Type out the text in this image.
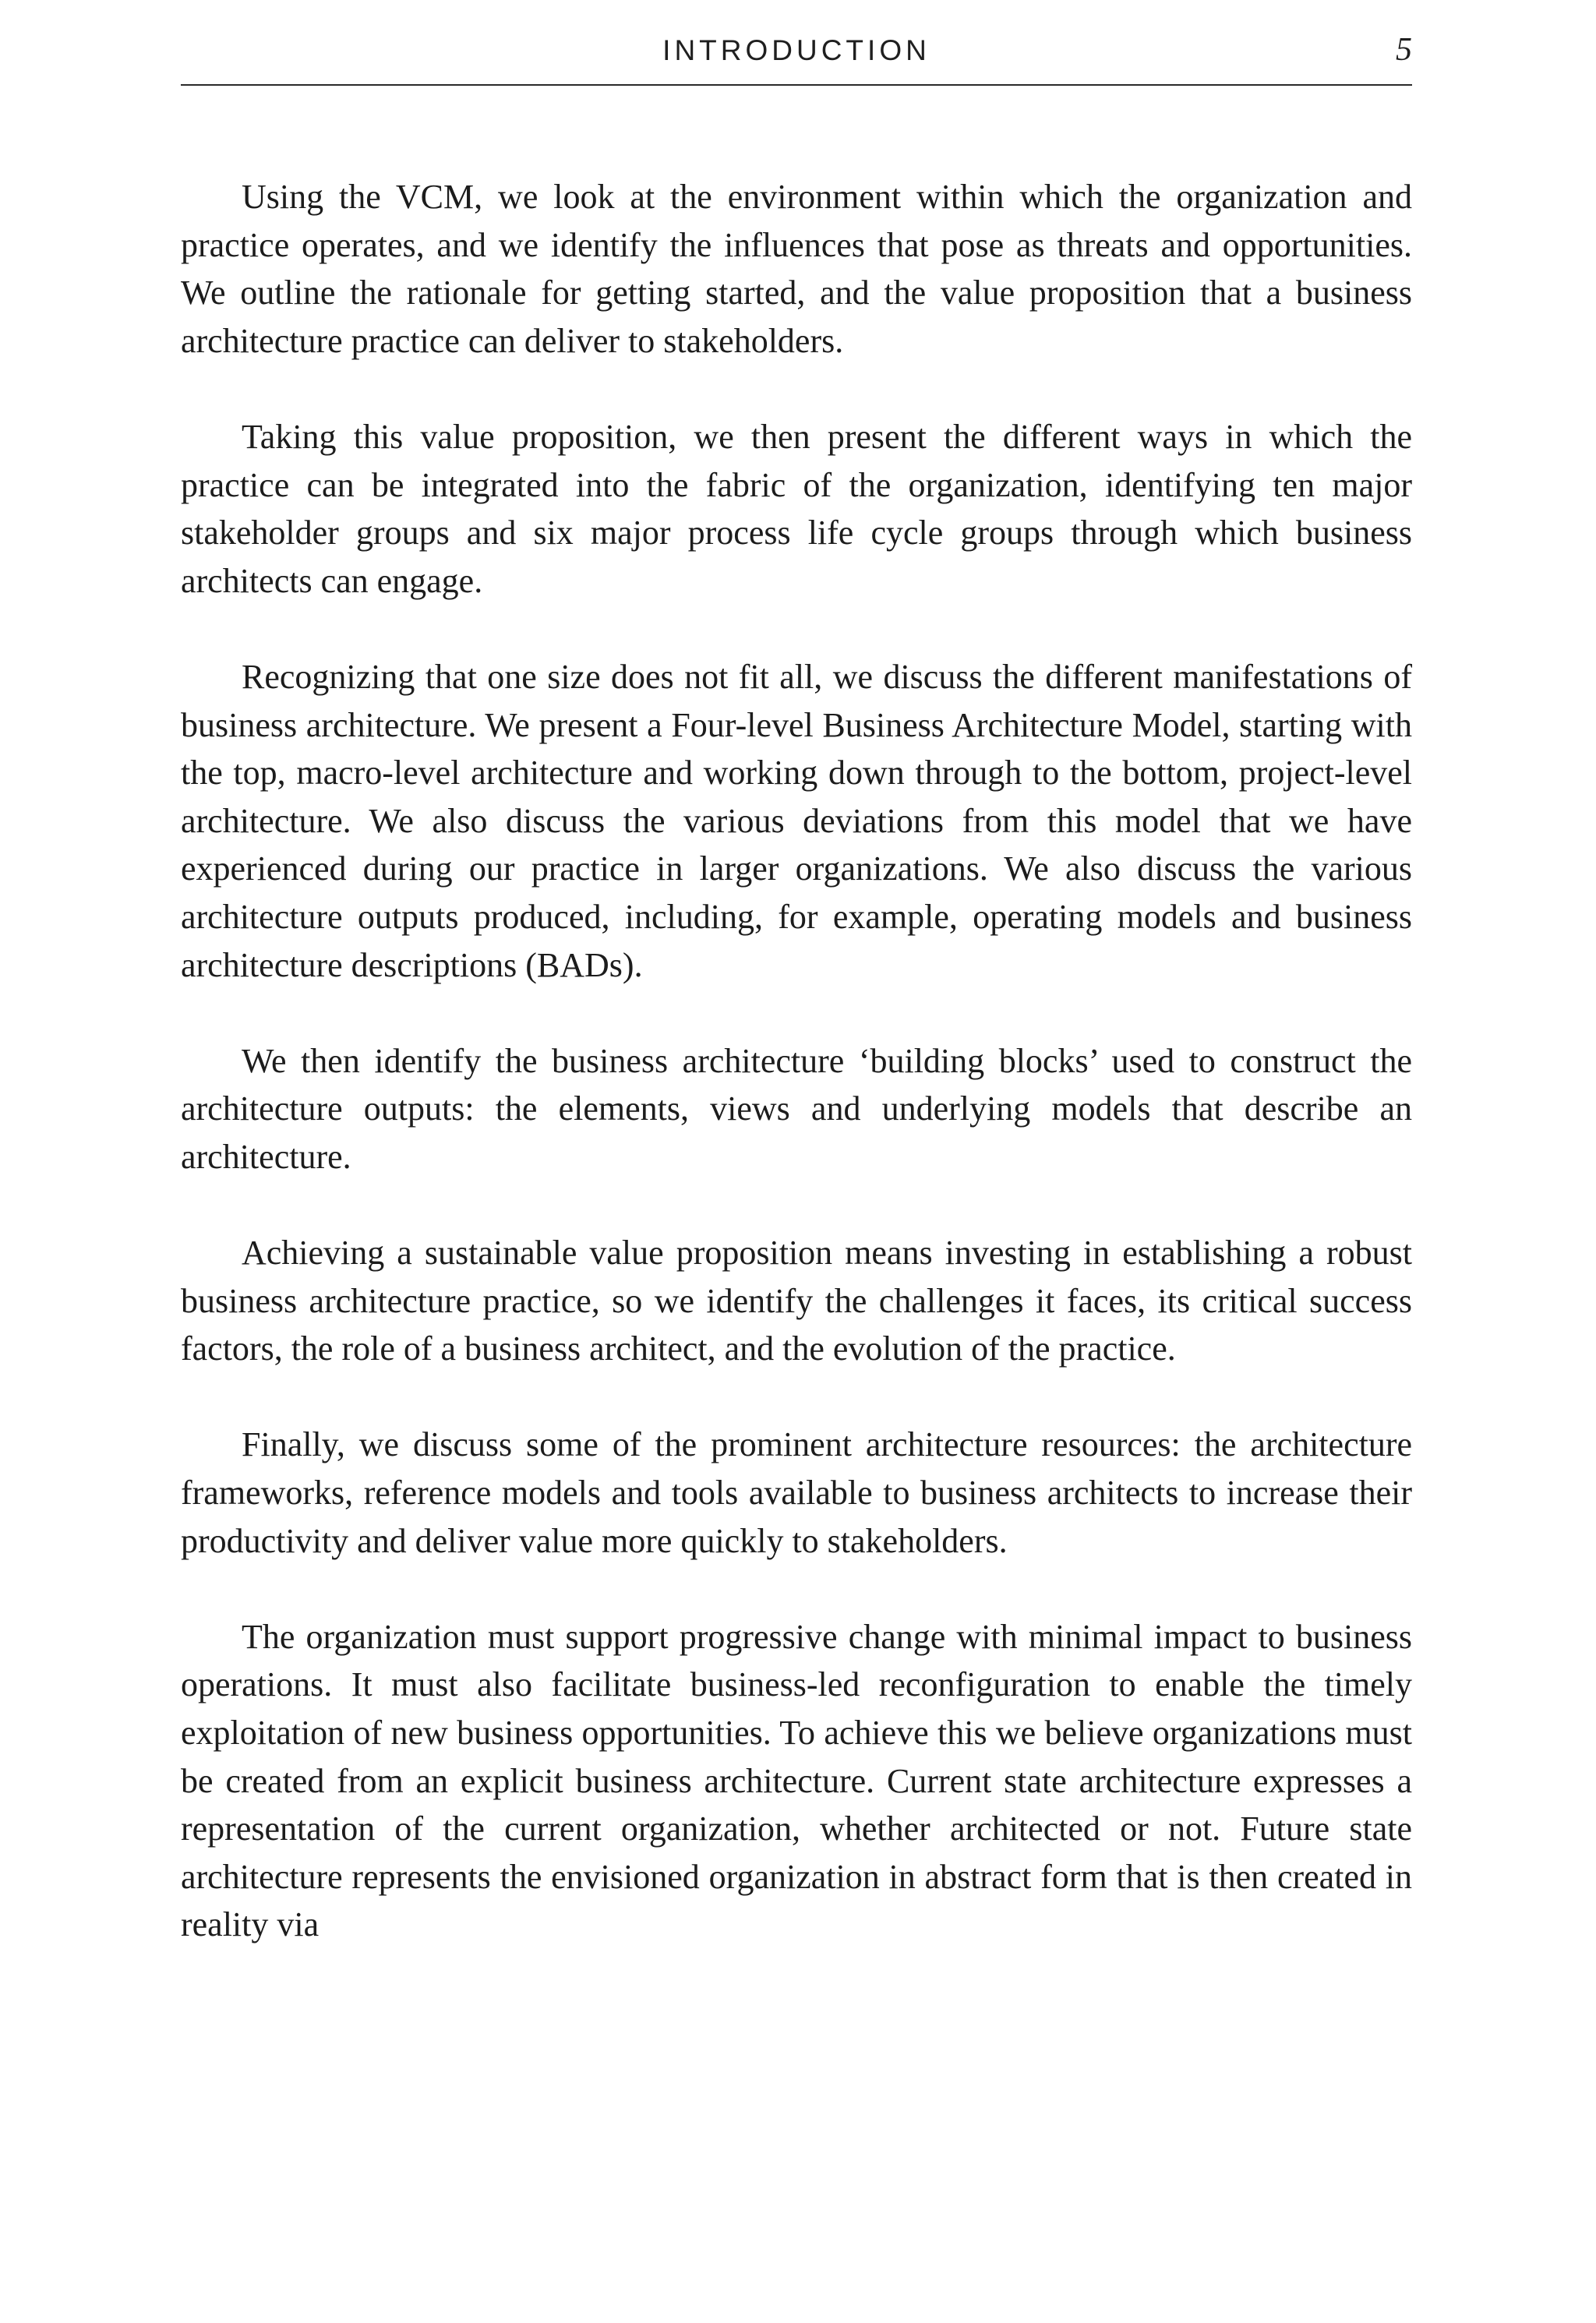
INTRODUCTION	5

Using the VCM, we look at the environment within which the organization and practice operates, and we identify the influences that pose as threats and opportunities. We outline the rationale for getting started, and the value proposition that a business architecture practice can deliver to stakeholders.

Taking this value proposition, we then present the different ways in which the practice can be integrated into the fabric of the organization, identifying ten major stakeholder groups and six major process life cycle groups through which business architects can engage.

Recognizing that one size does not fit all, we discuss the different manifestations of business architecture. We present a Four-level Business Architecture Model, starting with the top, macro-level architecture and working down through to the bottom, project-level architecture. We also discuss the various deviations from this model that we have experienced during our practice in larger organizations. We also discuss the various architecture outputs produced, including, for example, operating models and business architecture descriptions (BADs).

We then identify the business architecture ‘building blocks’ used to construct the architecture outputs: the elements, views and underlying models that describe an architecture.

Achieving a sustainable value proposition means investing in establishing a robust business architecture practice, so we identify the challenges it faces, its critical success factors, the role of a business architect, and the evolution of the practice.

Finally, we discuss some of the prominent architecture resources: the architecture frameworks, reference models and tools available to business architects to increase their productivity and deliver value more quickly to stakeholders.

The organization must support progressive change with minimal impact to business operations. It must also facilitate business-led reconfiguration to enable the timely exploitation of new business opportunities. To achieve this we believe organizations must be created from an explicit business architecture. Current state architecture expresses a representation of the current organization, whether architected or not. Future state architecture represents the envisioned organization in abstract form that is then created in reality via
